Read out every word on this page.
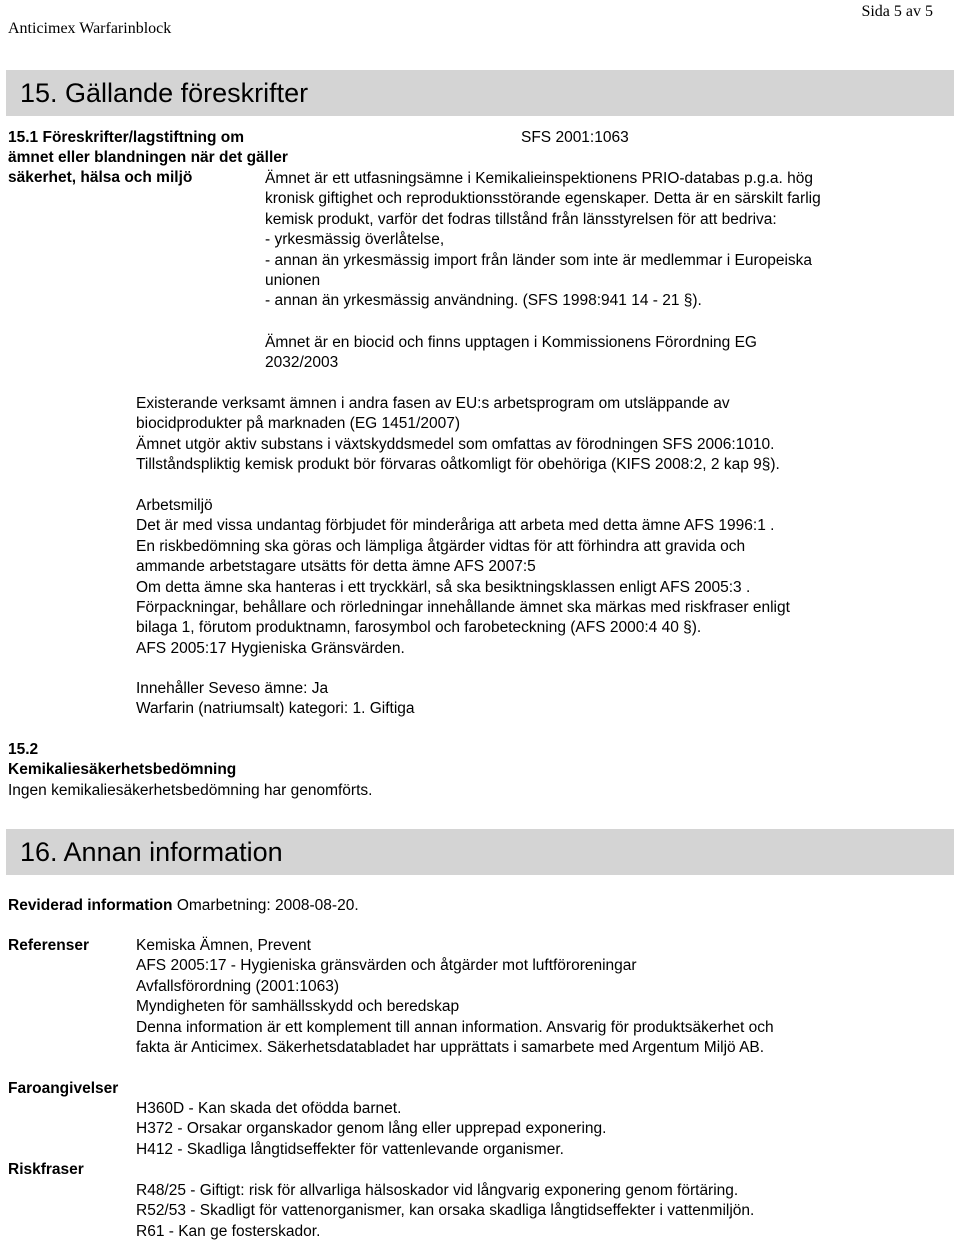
Anticimex Warfarinblock
Sida 5 av 5
15. Gällande föreskrifter
15.1 Föreskrifter/lagstiftning om
ämnet eller blandningen när det gäller
säkerhet, hälsa och miljö
SFS 2001:1063
Ämnet är ett utfasningsämne i Kemikalieinspektionens PRIO-databas p.g.a. hög
kronisk giftighet och reproduktionsstörande egenskaper. Detta är en särskilt farlig
kemisk produkt, varför det fodras tillstånd från länsstyrelsen för att bedriva:
- yrkesmässig överlåtelse,
- annan än yrkesmässig import från länder som inte är medlemmar i Europeiska
unionen
- annan än yrkesmässig användning. (SFS 1998:941 14 - 21 §).
Ämnet är en biocid och finns upptagen i Kommissionens Förordning EG
2032/2003
Existerande verksamt ämnen i andra fasen av EU:s arbetsprogram om utsläppande av
biocidprodukter på marknaden (EG 1451/2007)
Ämnet utgör aktiv substans i växtskyddsmedel som omfattas av förodningen SFS 2006:1010.
Tillståndspliktig kemisk produkt bör förvaras oåtkomligt för obehöriga (KIFS 2008:2, 2 kap 9§).
Arbetsmiljö
Det är med vissa undantag förbjudet för minderåriga att arbeta med detta ämne AFS 1996:1 .
En riskbedömning ska göras och lämpliga åtgärder vidtas för att förhindra att gravida och
ammande arbetstagare utsätts för detta ämne AFS 2007:5
Om detta ämne ska hanteras i ett tryckkärl, så ska besiktningsklassen enligt AFS 2005:3 .
Förpackningar, behållare och rörledningar innehållande ämnet ska märkas med riskfraser enligt
bilaga 1, förutom produktnamn, farosymbol och farobeteckning (AFS 2000:4 40 §).
AFS 2005:17 Hygieniska Gränsvärden.
Innehåller Seveso ämne: Ja
Warfarin (natriumsalt) kategori: 1. Giftiga
15.2
Kemikaliesäkerhetsbedömning
Ingen kemikaliesäkerhetsbedömning har genomförts.
16. Annan information
Reviderad information Omarbetning: 2008-08-20.
Referenser	Kemiska Ämnen, Prevent
AFS 2005:17 - Hygieniska gränsvärden och åtgärder mot luftföroreningar
Avfallsförordning (2001:1063)
Myndigheten för samhällsskydd och beredskap
Denna information är ett komplement till annan information. Ansvarig för produktsäkerhet och
fakta är Anticimex. Säkerhetsdatabladet har upprättats i samarbete med Argentum Miljö AB.
Faroangivelser
H360D - Kan skada det ofödda barnet.
H372 - Orsakar organskador genom lång eller upprepad exponering.
H412 - Skadliga långtidseffekter för vattenlevande organismer.
Riskfraser
R48/25 - Giftigt: risk för allvarliga hälsoskador vid långvarig exponering genom förtäring.
R52/53 - Skadligt för vattenorganismer, kan orsaka skadliga långtidseffekter i vattenmiljön.
R61 - Kan ge fosterskador.
